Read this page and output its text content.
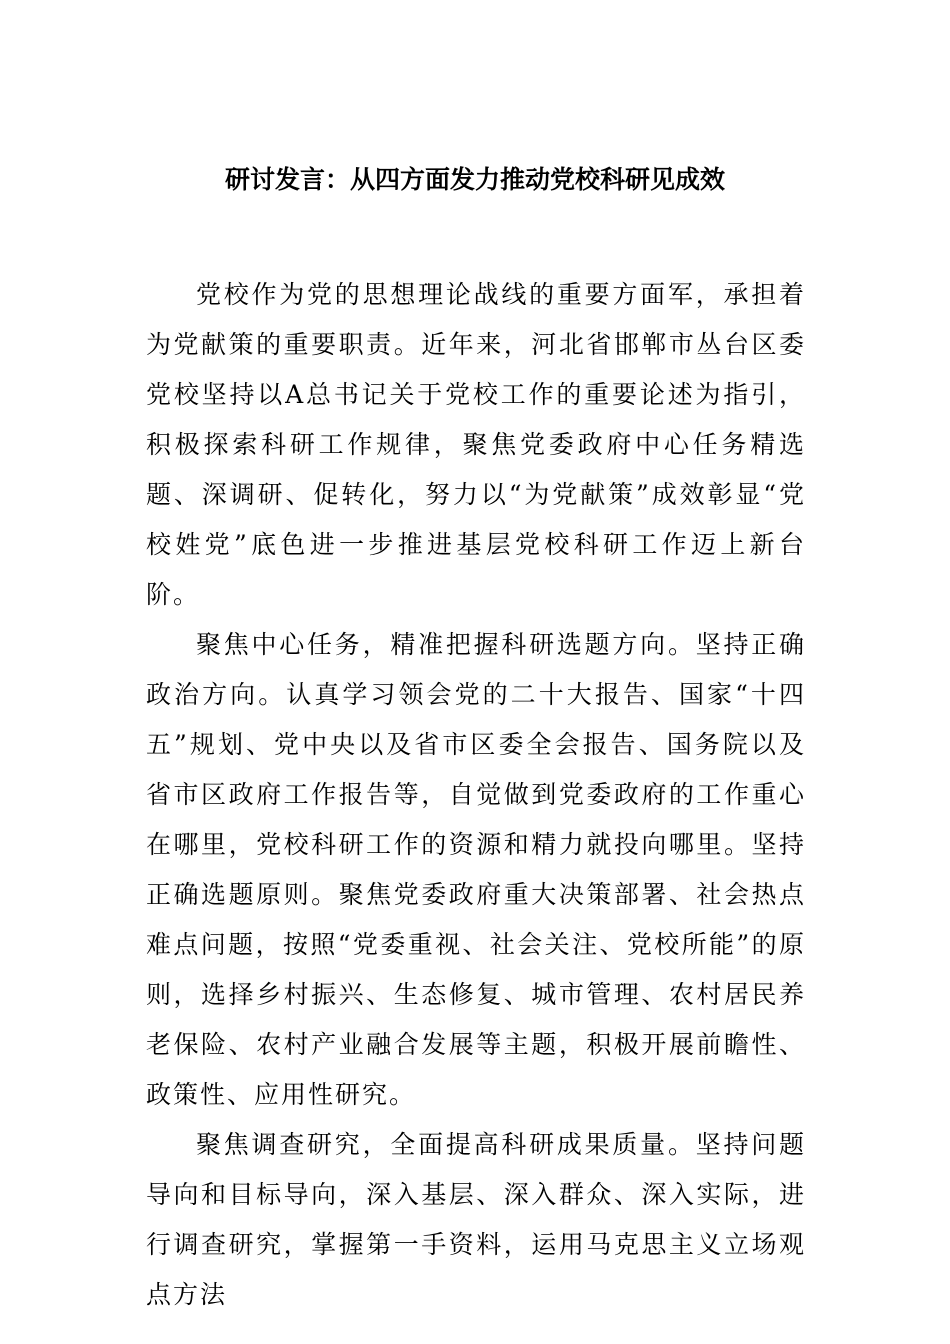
研讨发言：从四方面发力推动党校科研见成效

党校作为党的思想理论战线的重要方面军，承担着为党献策的重要职责。近年来，河北省邯郸市丛台区委党校坚持以A总书记关于党校工作的重要论述为指引，积极探索科研工作规律，聚焦党委政府中心任务精选题、深调研、促转化，努力以“为党献策”成效彰显“党校姓党”底色进一步推进基层党校科研工作迈上新台阶。

聚焦中心任务，精准把握科研选题方向。坚持正确政治方向。认真学习领会党的二十大报告、国家“十四五”规划、党中央以及省市区委全会报告、国务院以及省市区政府工作报告等，自觉做到党委政府的工作重心在哪里，党校科研工作的资源和精力就投向哪里。坚持正确选题原则。聚焦党委政府重大决策部署、社会热点难点问题，按照“党委重视、社会关注、党校所能”的原则，选择乡村振兴、生态修复、城市管理、农村居民养老保险、农村产业融合发展等主题，积极开展前瞻性、政策性、应用性研究。

聚焦调查研究，全面提高科研成果质量。坚持问题导向和目标导向，深入基层、深入群众、深入实际，进行调查研究，掌握第一手资料，运用马克思主义立场观点方法
